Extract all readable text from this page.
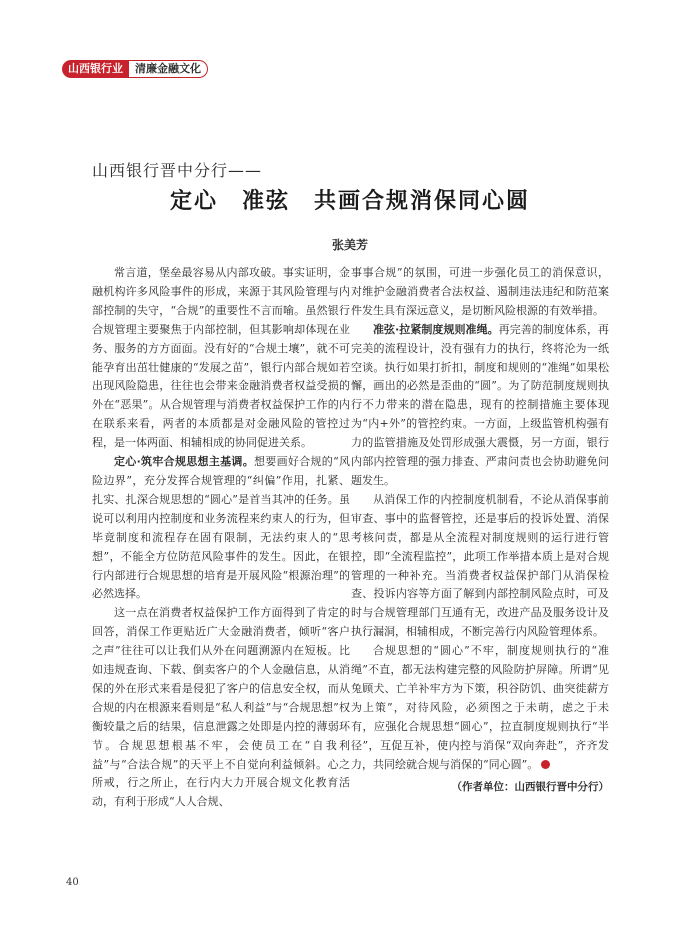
山西银行业	清廉金融文化
山西银行晋中分行——
定心　准弦　共画合规消保同心圆
张美芳

常言道，堡垒最容易从内部攻破。事实证明，金融机构许多风险事件的形成，来源于其风险管理与内部控制的失守，“合规”的重要性不言而喻。虽然银行合规管理主要聚焦于内部控制，但其影响却体现在业务、服务的方方面面。没有好的“合规土壤”，就不可能孕育出茁壮健康的“发展之苗”，银行内部合规如若出现风险隐患，往往也会带来金融消费者权益受损的外在“恶果”。从合规管理与消费者权益保护工作的内在联系来看，两者的本质都是对金融风险的管控过程，是一体两面、相辅相成的协同促进关系。

定心·筑牢合规思想主基调。想要画好合规的“风险边界”，充分发挥合规管理的“纠偏”作用，扎紧、扎实、扎深合规思想的“圆心”是首当其冲的任务。虽说可以利用内控制度和业务流程来约束人的行为，但毕竟制度和流程存在固有限制，无法约束人的“思想”，不能全方位防范风险事件的发生。因此，在银行内部进行合规思想的培育是开展风险“根源治理”的必然选择。

这一点在消费者权益保护工作方面得到了肯定的回答，消保工作更贴近广大金融消费者，倾听“客户之声”往往可以让我们从外在问题溯源内在短板。比如违规查询、下载、倒卖客户的个人金融信息，从消保的外在形式来看是侵犯了客户的信息安全权，而从合规的内在根源来看则是“私人利益”与“合规思想”权衡较量之后的结果，信息泄露之处即是内控的薄弱环节。合规思想根基不牢，会使员工在“自我利益”与“合法合规”的天平上不自觉向利益倾斜。心之所戒，行之所止，在行内大力开展合规文化教育活动，有利于形成“人人合规、

事事合规”的氛围，可进一步强化员工的消保意识，对维护金融消费者合法权益、遏制违法违纪和防范案件发生具有深远意义，是切断风险根源的有效举措。

准弦·拉紧制度规则准绳。再完善的制度体系，再完美的流程设计，没有强有力的执行，终将沦为一纸空谈。执行如果打折扣，制度和规则的“准绳”如果松懈，画出的必然是歪曲的“圆”。为了防范制度规则执行不力带来的潜在隐患，现有的控制措施主要体现为“内+外”的管控约束。一方面，上级监管机构强有力的监管措施及处罚形成强大震慑，另一方面，银行内部内控管理的强力排查、严肃问责也会协助避免问题发生。

从消保工作的内控制度机制看，不论从消保事前审查、事中的监督管控，还是事后的投诉处置、消保考核问责，都是从全流程对制度规则的运行进行管控，即“全流程监控”，此项工作举措本质上是对合规管理的一种补充。当消费者权益保护部门从消保检查、投诉内容等方面了解到内部控制风险点时，可及时与合规管理部门互通有无，改进产品及服务设计及执行漏洞，相辅相成，不断完善行内风险管理体系。

合规思想的“圆心”不牢，制度规则执行的“准绳”不直，都无法构建完整的风险防护屏障。所谓“见兔顾犬、亡羊补牢方为下策，积谷防饥、曲突徙薪方为上策”，对待风险，必须图之于未萌，虑之于未有，应强化合规思想“圆心”，拉直制度规则执行“半径”，互促互补，使内控与消保“双向奔赴”，齐齐发力，共同绘就合规与消保的“同心圆”。

（作者单位：山西银行晋中分行）
40
